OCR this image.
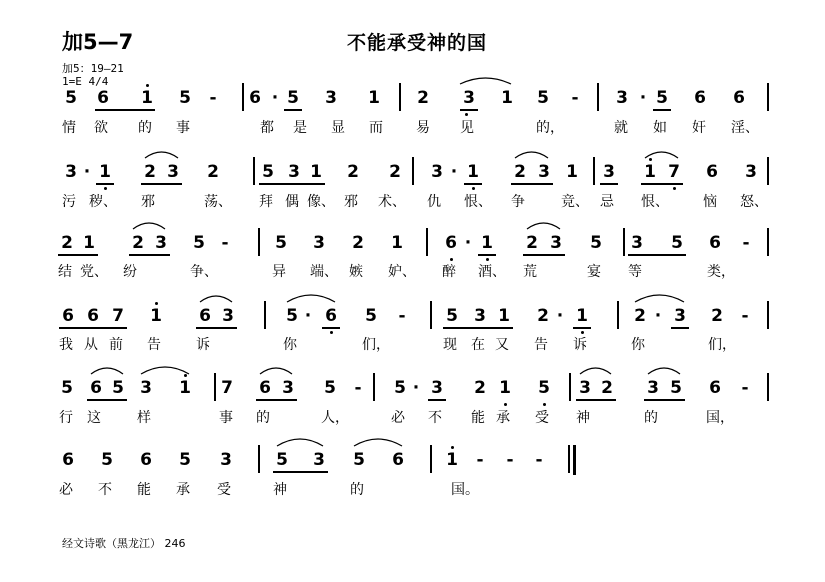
加5—7	不能承受神的国
加5：19—21
1=E 4/4
经文诗歌（黑龙江） 246
5 6 1 5	-	6 · 5 3 1 2 3 1 5	-	3 · 5 6 6
情	欲	的	事	都	是	显	而	易	见	的，	就	如	奸	淫、
3 · 1 2 3 2	5 3 1 2 2 3 · 1 2 3 1 3 1 7 6 3
污 秽、 邪	荡、 拜 偶 像、 邪	术、 仇	恨、 争	竞、 忌	恨、 恼	怒、
2 1 2 3 5 -	5 3 2 1 6 · 1 2 3 5 3 5 6	-
结 党、 纷	争、	异	端、 嫉	妒、 醉	酒、 荒	宴	等	类，
6 6 7 1 6 3	5 · 6 5	-	5 3 1 2 · 1	2 · 3 2	-
我 从 前	告	诉	你	们，	现	在 又	告	诉	你	们，
5 6 5 3 1 7 6 3 5	-	5 · 3 2 1 5 3 2 3 5 6	-
行	这	样	事	的	人，	必	不	能 承	受	神	的	国，
6 5 6 5 3	5 3 5 6 1	-	-	-
必	不	能	承	受	神	的	国。
